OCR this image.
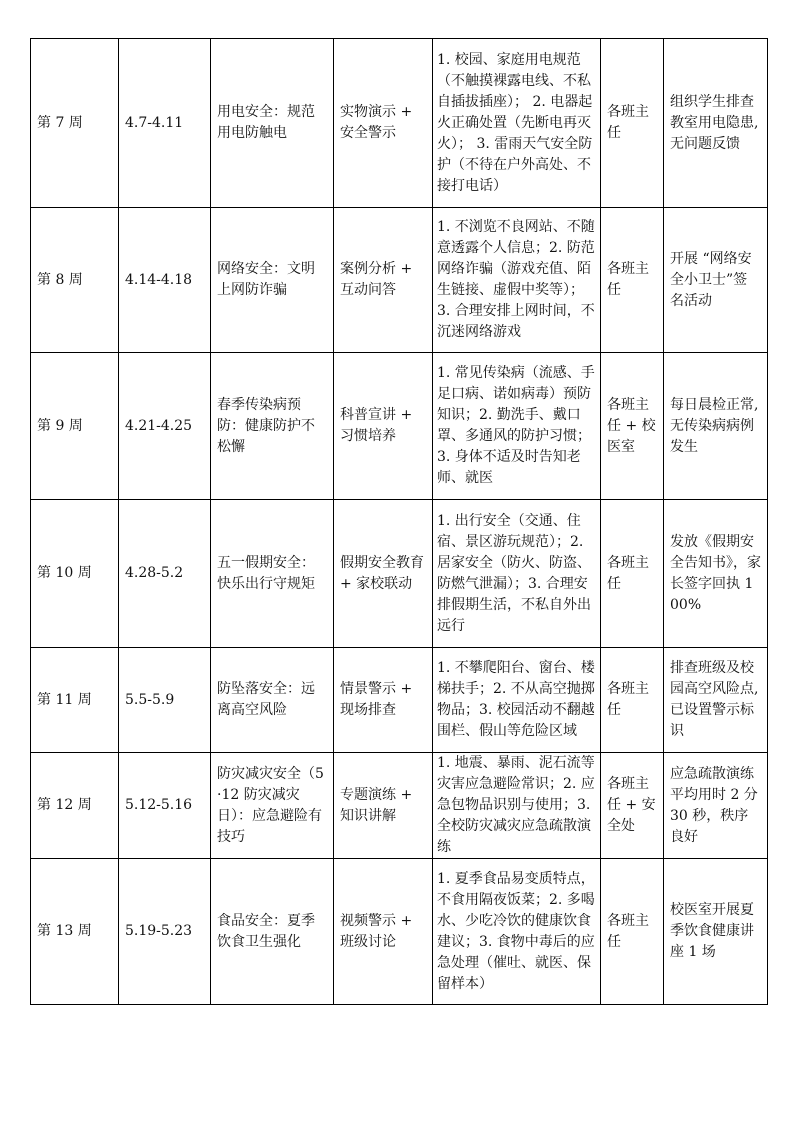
第 7 周	4.7-4.11	用电安全：规范用电防触电	实物演示 + 安全警示	1. 校园、家庭用电规范（不触摸裸露电线、不私自插拔插座）； 2. 电器起火正确处置（先断电再灭火）； 3. 雷雨天气安全防护（不待在户外高处、不接打电话）	各班主任	组织学生排查教室用电隐患,无问题反馈
第 8 周	4.14-4.18	网络安全：文明上网防诈骗	案例分析 + 互动问答	1. 不浏览不良网站、不随意透露个人信息；2. 防范网络诈骗（游戏充值、陌生链接、虚假中奖等）； 3. 合理安排上网时间，不沉迷网络游戏	各班主任	开展 “网络安全小卫士”签名活动
第 9 周	4.21-4.25	春季传染病预防：健康防护不松懈	科普宣讲 + 习惯培养	1. 常见传染病（流感、手足口病、诺如病毒）预防知识；2. 勤洗手、戴口罩、多通风的防护习惯；3. 身体不适及时告知老师、就医	各班主任 + 校医室	每日晨检正常,无传染病病例发生
第 10 周	4.28-5.2	五一假期安全：快乐出行守规矩	假期安全教育 + 家校联动	1. 出行安全（交通、住宿、景区游玩规范）；2. 居家安全（防火、防盗、防燃气泄漏）；3. 合理安排假期生活，不私自外出远行	各班主任	发放《假期安全告知书》，家长签字回执 100%
第 11 周	5.5-5.9	防坠落安全：远离高空风险	情景警示 + 现场排查	1. 不攀爬阳台、窗台、楼梯扶手；2. 不从高空抛掷物品；3. 校园活动不翻越围栏、假山等危险区域	各班主任	排查班级及校园高空风险点,已设置警示标识
第 12 周	5.12-5.16	防灾减灾安全（5·12 防灾减灾日）：应急避险有技巧	专题演练 + 知识讲解	1. 地震、暴雨、泥石流等灾害应急避险常识；2. 应急包物品识别与使用；3. 全校防灾减灾应急疏散演练	各班主任 + 安全处	应急疏散演练平均用时 2 分 30 秒，秩序良好
第 13 周	5.19-5.23	食品安全：夏季饮食卫生强化	视频警示 + 班级讨论	1. 夏季食品易变质特点，不食用隔夜饭菜；2. 多喝水、少吃冷饮的健康饮食建议；3. 食物中毒后的应急处理（催吐、就医、保留样本）	各班主任	校医室开展夏季饮食健康讲座 1 场
